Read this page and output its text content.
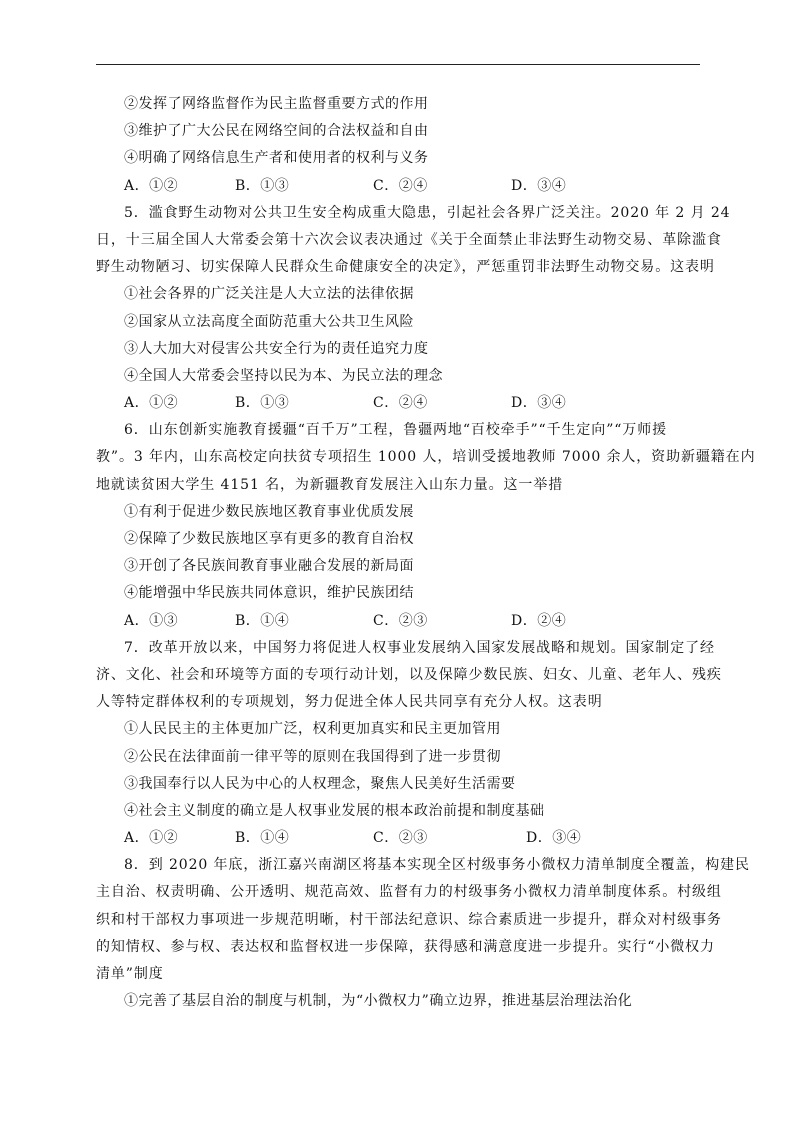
②发挥了网络监督作为民主监督重要方式的作用
③维护了广大公民在网络空间的合法权益和自由
④明确了网络信息生产者和使用者的权利与义务
A．①②	B．①③	C．②④	D．③④
5．滥食野生动物对公共卫生安全构成重大隐患，引起社会各界广泛关注。2020 年 2 月 24
日，十三届全国人大常委会第十六次会议表决通过《关于全面禁止非法野生动物交易、革除滥食
野生动物陋习、切实保障人民群众生命健康安全的决定》，严惩重罚非法野生动物交易。这表明
①社会各界的广泛关注是人大立法的法律依据
②国家从立法高度全面防范重大公共卫生风险
③人大加大对侵害公共安全行为的责任追究力度
④全国人大常委会坚持以民为本、为民立法的理念
A．①②	B．①③	C．②④	D．③④
6．山东创新实施教育援疆“百千万”工程，鲁疆两地“百校牵手”“千生定向”“万师援
教”。3 年内，山东高校定向扶贫专项招生 1000 人，培训受援地教师 7000 余人，资助新疆籍在内
地就读贫困大学生 4151 名，为新疆教育发展注入山东力量。这一举措
①有利于促进少数民族地区教育事业优质发展
②保障了少数民族地区享有更多的教育自治权
③开创了各民族间教育事业融合发展的新局面
④能增强中华民族共同体意识，维护民族团结
A．①③	B．①④	C．②③	D．②④
7．改革开放以来，中国努力将促进人权事业发展纳入国家发展战略和规划。国家制定了经
济、文化、社会和环境等方面的专项行动计划，以及保障少数民族、妇女、儿童、老年人、残疾
人等特定群体权利的专项规划，努力促进全体人民共同享有充分人权。这表明
①人民民主的主体更加广泛，权利更加真实和民主更加管用
②公民在法律面前一律平等的原则在我国得到了进一步贯彻
③我国奉行以人民为中心的人权理念，聚焦人民美好生活需要
④社会主义制度的确立是人权事业发展的根本政治前提和制度基础
A．①②	B．①④	C．②③	D．③④
8．到 2020 年底，浙江嘉兴南湖区将基本实现全区村级事务小微权力清单制度全覆盖，构建民
主自治、权责明确、公开透明、规范高效、监督有力的村级事务小微权力清单制度体系。村级组
织和村干部权力事项进一步规范明晰，村干部法纪意识、综合素质进一步提升，群众对村级事务
的知情权、参与权、表达权和监督权进一步保障，获得感和满意度进一步提升。实行“小微权力
清单”制度
①完善了基层自治的制度与机制，为“小微权力”确立边界，推进基层治理法治化
